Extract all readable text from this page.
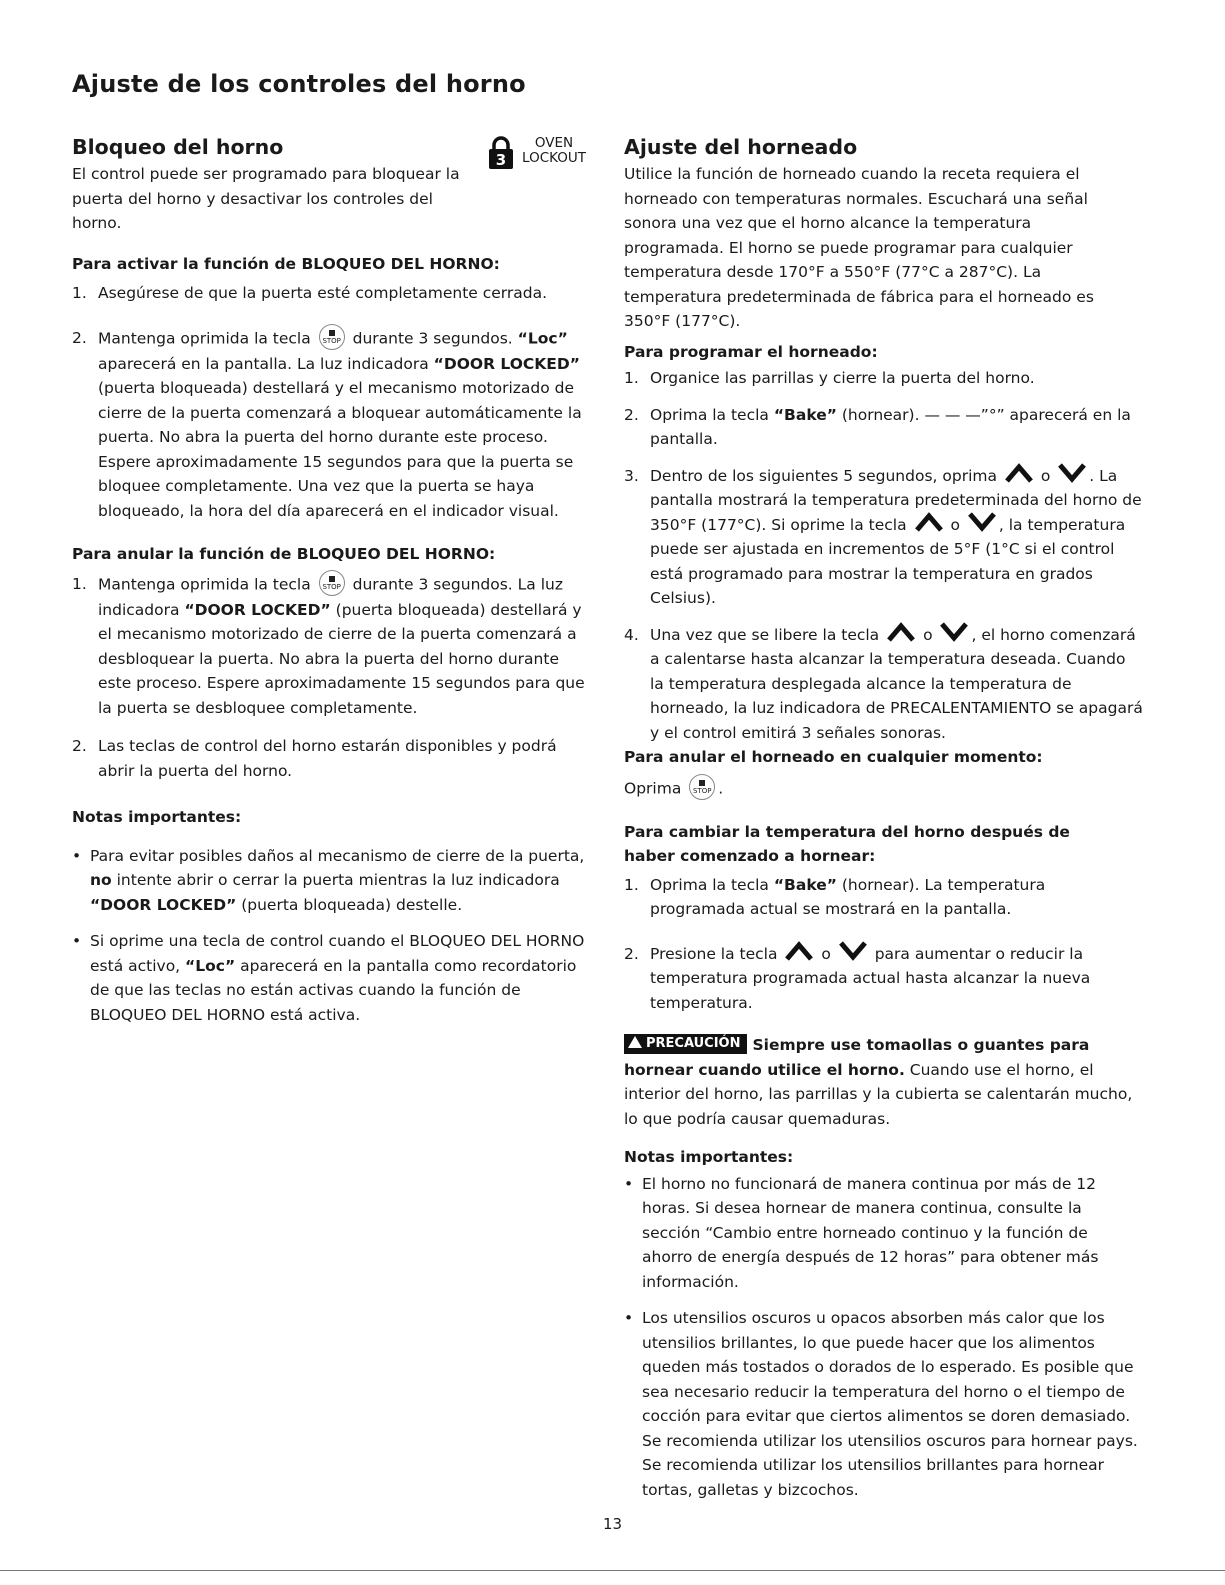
Ajuste de los controles del horno
Bloqueo del horno
3
OVEN
LOCKOUT

El control puede ser programado para bloquear la puerta del horno y desactivar los controles del horno.

Para activar la función de BLOQUEO DEL HORNO:
1. Asegúrese de que la puerta esté completamente cerrada.
2. Mantenga oprimida la tecla STOP	durante 3 segundos. “Loc” aparecerá en la pantalla. La luz indicadora “DOOR LOCKED” (puerta bloqueada) destellará y el mecanismo motorizado de cierre de la puerta comenzará a bloquear automáticamente la puerta. No abra la puerta del horno durante este proceso. Espere aproximadamente 15 segundos para que la puerta se bloquee completamente. Una vez que la puerta se haya bloqueado, la hora del día aparecerá en el indicador visual.
Para anular la función de BLOQUEO DEL HORNO:
1. Mantenga oprimida la tecla STOP	durante 3 segundos. La luz indicadora “DOOR LOCKED” (puerta bloqueada) destellará y el mecanismo motorizado de cierre de la puerta comenzará a desbloquear la puerta. No abra la puerta del horno durante este proceso. Espere aproximadamente 15 segundos para que la puerta se desbloquee completamente.
2. Las teclas de control del horno estarán disponibles y podrá abrir la puerta del horno.
Notas importantes:
• Para evitar posibles daños al mecanismo de cierre de la puerta, no intente abrir o cerrar la puerta mientras la luz indicadora “DOOR LOCKED” (puerta bloqueada) destelle.
• Si oprime una tecla de control cuando el BLOQUEO DEL HORNO está activo, “Loc” aparecerá en la pantalla como recordatorio de que las teclas no están activas cuando la función de BLOQUEO DEL HORNO está activa.
Ajuste del horneado

Utilice la función de horneado cuando la receta requiera el horneado con temperaturas normales. Escuchará una señal sonora una vez que el horno alcance la temperatura programada. El horno se puede programar para cualquier temperatura desde 170°F a 550°F (77°C a 287°C). La temperatura predeterminada de fábrica para el horneado es 350°F (177°C).

Para programar el horneado:
1. Organice las parrillas y cierre la puerta del horno.
2. Oprima la tecla “Bake” (hornear). — — —”°” aparecerá en la pantalla.
3. Dentro de los siguientes 5 segundos, oprima	o	. La pantalla mostrará la temperatura predeterminada del horno de 350°F (177°C). Si oprime la tecla	o	, la temperatura puede ser ajustada en incrementos de 5°F (1°C si el control está programado para mostrar la temperatura en grados Celsius).
4. Una vez que se libere la tecla	o	, el horno comenzará a calentarse hasta alcanzar la temperatura deseada. Cuando la temperatura desplegada alcance la temperatura de horneado, la luz indicadora de PRECALENTAMIENTO se apagará y el control emitirá 3 señales sonoras.
Para anular el horneado en cualquier momento:

Oprima STOP .

Para cambiar la temperatura del horno después de haber comenzado a hornear:
1. Oprima la tecla “Bake” (hornear). La temperatura programada actual se mostrará en la pantalla.
2. Presione la tecla	o	para aumentar o reducir la temperatura programada actual hasta alcanzar la nueva temperatura.

PRECAUCIÓN Siempre use tomaollas o guantes para hornear cuando utilice el horno. Cuando use el horno, el interior del horno, las parrillas y la cubierta se calentarán mucho, lo que podría causar quemaduras.

Notas importantes:
• El horno no funcionará de manera continua por más de 12 horas. Si desea hornear de manera continua, consulte la sección “Cambio entre horneado continuo y la función de ahorro de energía después de 12 horas” para obtener más información.
• Los utensilios oscuros u opacos absorben más calor que los utensilios brillantes, lo que puede hacer que los alimentos queden más tostados o dorados de lo esperado. Es posible que sea necesario reducir la temperatura del horno o el tiempo de cocción para evitar que ciertos alimentos se doren demasiado. Se recomienda utilizar los utensilios oscuros para hornear pays. Se recomienda utilizar los utensilios brillantes para hornear tortas, galletas y bizcochos.
13
